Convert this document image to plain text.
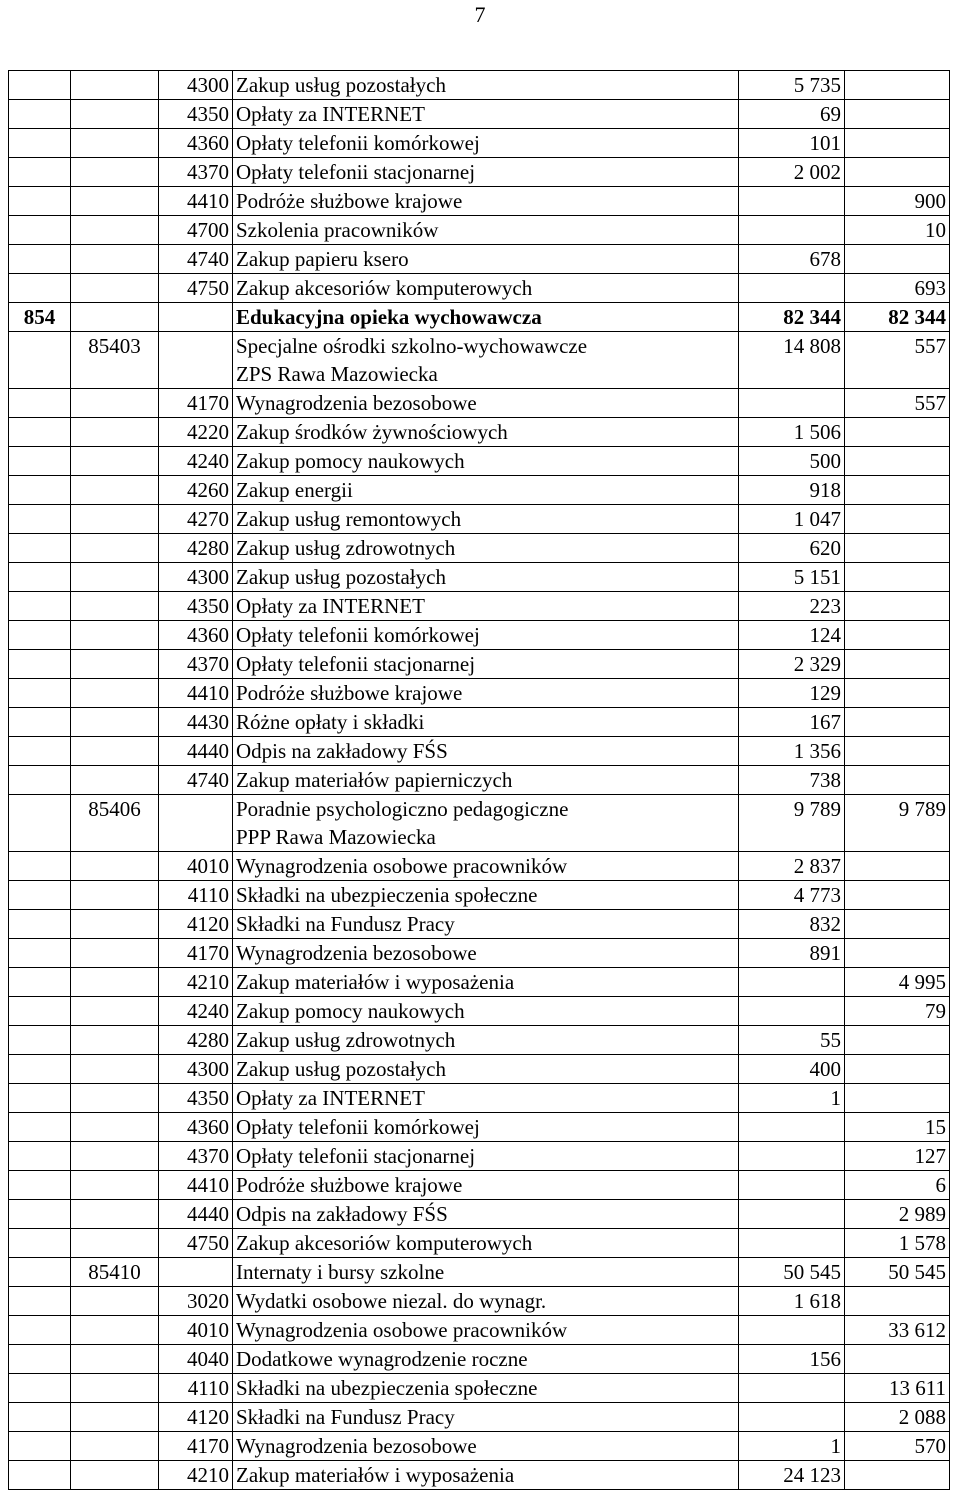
7
		4300	Zakup usług pozostałych	5 735	
		4350	Opłaty za INTERNET	69	
		4360	Opłaty telefonii komórkowej	101	
		4370	Opłaty telefonii stacjonarnej	2 002	
		4410	Podróże służbowe krajowe		900
		4700	Szkolenia pracowników		10
		4740	Zakup papieru ksero	678	
		4750	Zakup akcesoriów komputerowych		693
854			Edukacyjna opieka wychowawcza	82 344	82 344
	85403		Specjalne ośrodki szkolno-wychowawcze
ZPS Rawa Mazowiecka	14 808	557
		4170	Wynagrodzenia bezosobowe		557
		4220	Zakup środków żywnościowych	1 506	
		4240	Zakup pomocy naukowych	500	
		4260	Zakup energii	918	
		4270	Zakup usług remontowych	1 047	
		4280	Zakup usług zdrowotnych	620	
		4300	Zakup usług pozostałych	5 151	
		4350	Opłaty za INTERNET	223	
		4360	Opłaty telefonii komórkowej	124	
		4370	Opłaty telefonii stacjonarnej	2 329	
		4410	Podróże służbowe krajowe	129	
		4430	Różne opłaty i składki	167	
		4440	Odpis na zakładowy FŚS	1 356	
		4740	Zakup materiałów papierniczych	738	
	85406		Poradnie psychologiczno pedagogiczne
PPP Rawa Mazowiecka	9 789	9 789
		4010	Wynagrodzenia osobowe pracowników	2 837	
		4110	Składki na ubezpieczenia społeczne	4 773	
		4120	Składki na Fundusz Pracy	832	
		4170	Wynagrodzenia bezosobowe	891	
		4210	Zakup materiałów i wyposażenia		4 995
		4240	Zakup pomocy naukowych		79
		4280	Zakup usług zdrowotnych	55	
		4300	Zakup usług pozostałych	400	
		4350	Opłaty za INTERNET	1	
		4360	Opłaty telefonii komórkowej		15
		4370	Opłaty telefonii stacjonarnej		127
		4410	Podróże służbowe krajowe		6
		4440	Odpis na zakładowy FŚS		2 989
		4750	Zakup akcesoriów komputerowych		1 578
	85410		Internaty i bursy szkolne	50 545	50 545
		3020	Wydatki osobowe niezal. do wynagr.	1 618	
		4010	Wynagrodzenia osobowe pracowników		33 612
		4040	Dodatkowe wynagrodzenie roczne	156	
		4110	Składki na ubezpieczenia społeczne		13 611
		4120	Składki na Fundusz Pracy		2 088
		4170	Wynagrodzenia bezosobowe	1	570
		4210	Zakup materiałów i wyposażenia	24 123	
